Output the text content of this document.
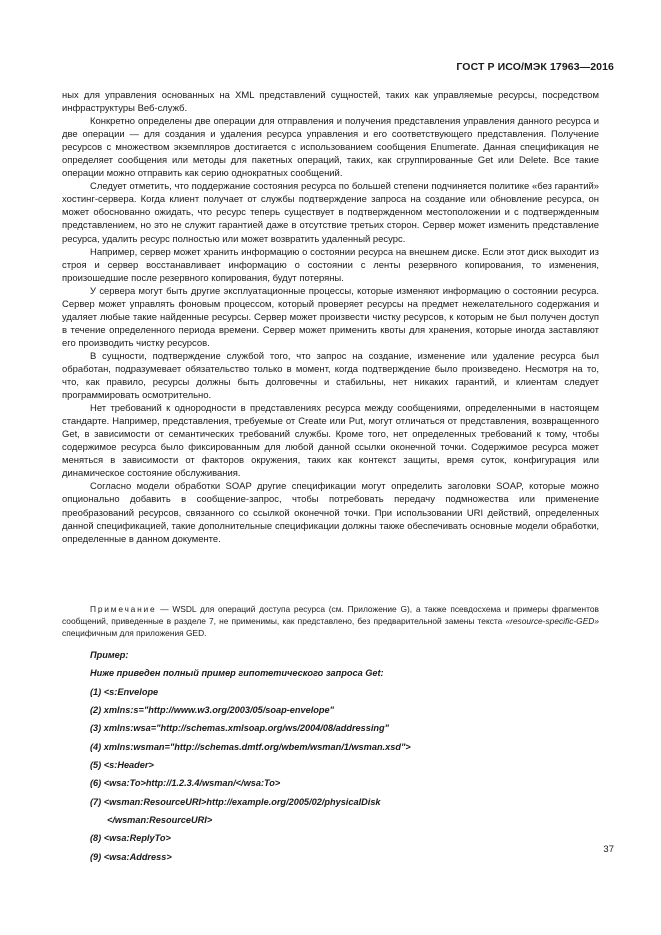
ГОСТ Р ИСО/МЭК 17963—2016

ных для управления основанных на XML представлений сущностей, таких как управляемые ресурсы, посредством инфраструктуры Веб-служб.

Конкретно определены две операции для отправления и получения представления управления данного ресурса и две операции — для создания и удаления ресурса управления и его соответствующего представления. Получение ресурсов с множеством экземпляров достигается с использованием сообщения Enumerate. Данная спецификация не определяет сообщения или методы для пакетных операций, таких, как сгруппированные Get или Delete. Все такие операции можно отправить как серию однократных сообщений.

Следует отметить, что поддержание состояния ресурса по большей степени подчиняется политике «без гарантий» хостинг-сервера. Когда клиент получает от службы подтверждение запроса на создание или обновление ресурса, он может обоснованно ожидать, что ресурс теперь существует в подтвержденном местоположении и с подтвержденным представлением, но это не служит гарантией даже в отсутствие третьих сторон. Сервер может изменить представление ресурса, удалить ресурс полностью или может возвратить удаленный ресурс.

Например, сервер может хранить информацию о состоянии ресурса на внешнем диске. Если этот диск выходит из строя и сервер восстанавливает информацию о состоянии с ленты резервного копирования, то изменения, произошедшие после резервного копирования, будут потеряны.

У сервера могут быть другие эксплуатационные процессы, которые изменяют информацию о состоянии ресурса. Сервер может управлять фоновым процессом, который проверяет ресурсы на предмет нежелательного содержания и удаляет любые такие найденные ресурсы. Сервер может произвести чистку ресурсов, к которым не был получен доступ в течение определенного периода времени. Сервер может применить квоты для хранения, которые иногда заставляют его производить чистку ресурсов.

В сущности, подтверждение службой того, что запрос на создание, изменение или удаление ресурса был обработан, подразумевает обязательство только в момент, когда подтверждение было произведено. Несмотря на то, что, как правило, ресурсы должны быть долговечны и стабильны, нет никаких гарантий, и клиентам следует программировать осмотрительно.

Нет требований к однородности в представлениях ресурса между сообщениями, определенными в настоящем стандарте. Например, представления, требуемые от Create или Put, могут отличаться от представления, возвращенного Get, в зависимости от семантических требований службы. Кроме того, нет определенных требований к тому, чтобы содержимое ресурса было фиксированным для любой данной ссылки оконечной точки. Содержимое ресурса может меняться в зависимости от факторов окружения, таких как контекст защиты, время суток, конфигурация или динамическое состояние обслуживания.

Согласно модели обработки SOAP другие спецификации могут определить заголовки SOAP, которые можно опционально добавить в сообщение-запрос, чтобы потребовать передачу подмножества или применение преобразований ресурсов, связанного со ссылкой оконечной точки. При использовании URI действий, определенных данной спецификацией, такие дополнительные спецификации должны также обеспечивать основные модели обработки, определенные в данном документе.

Примечание — WSDL для операций доступа ресурса (см. Приложение G), а также псевдосхема и примеры фрагментов сообщений, приведенные в разделе 7, не применимы, как представлено, без предварительной замены текста «resource-specific-GED» специфичным для приложения GED.

Пример:

Ниже приведен полный пример гипотетического запроса Get:

(1) <s:Envelope

(2) xmlns:s="http://www.w3.org/2003/05/soap-envelope"

(3) xmlns:wsa="http://schemas.xmlsoap.org/ws/2004/08/addressing"

(4) xmlns:wsman="http://schemas.dmtf.org/wbem/wsman/1/wsman.xsd">

(5) <s:Header>

(6) <wsa:To>http://1.2.3.4/wsman/</wsa:To>

(7) <wsman:ResourceURI>http://example.org/2005/02/physicalDisk

</wsman:ResourceURI>

(8) <wsa:ReplyTo>

(9) <wsa:Address>

37
